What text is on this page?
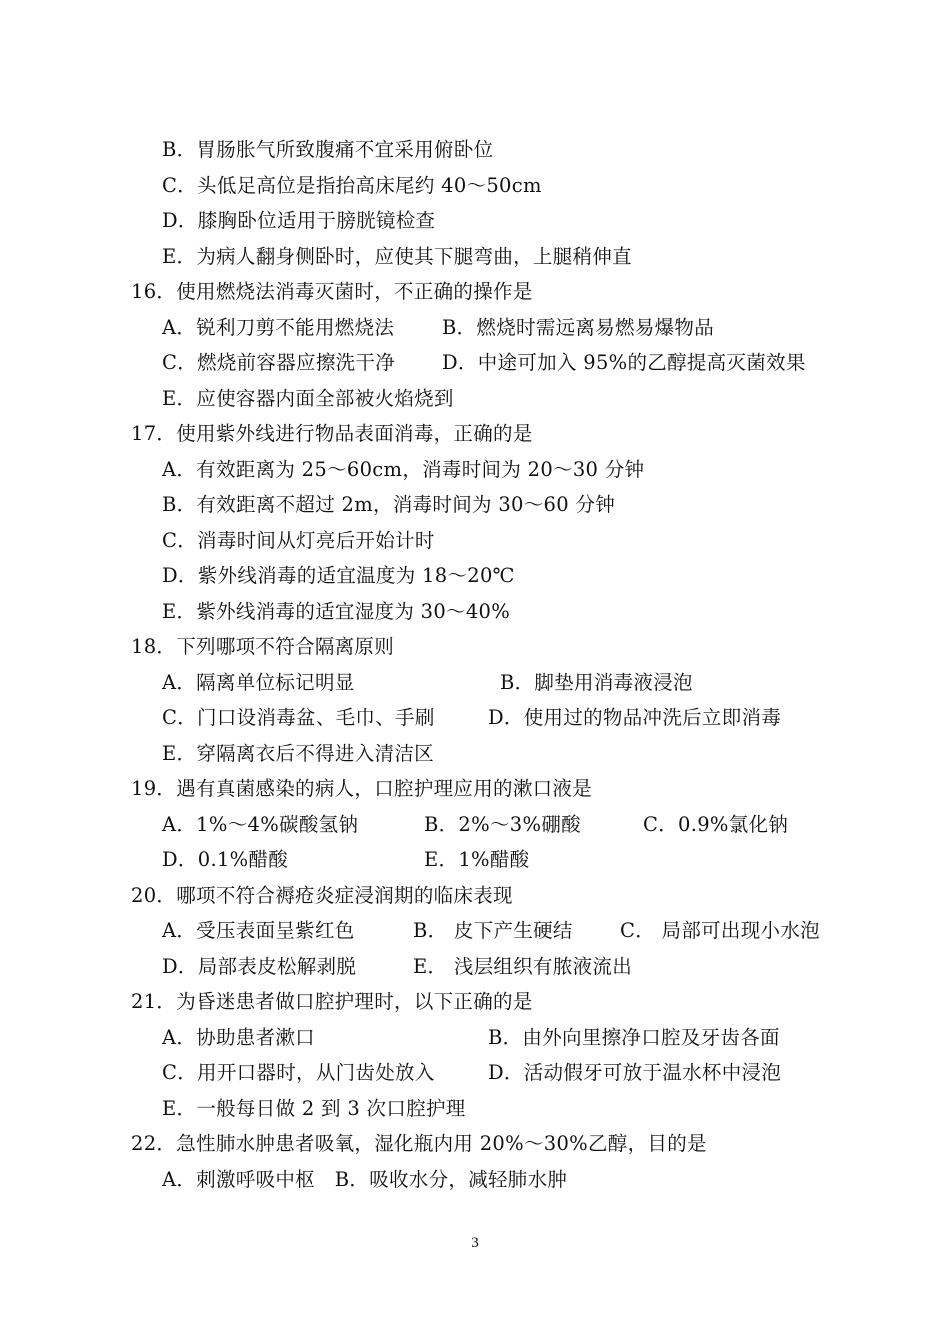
B．胃肠胀气所致腹痛不宜采用俯卧位
C．头低足高位是指抬高床尾约 40～50cm
D．膝胸卧位适用于膀胱镜检查
E．为病人翻身侧卧时，应使其下腿弯曲，上腿稍伸直
16．使用燃烧法消毒灭菌时，不正确的操作是
A．锐利刀剪不能用燃烧法 B．燃烧时需远离易燃易爆物品
C．燃烧前容器应擦洗干净 D．中途可加入 95%的乙醇提高灭菌效果
E．应使容器内面全部被火焰烧到
17．使用紫外线进行物品表面消毒，正确的是
A．有效距离为 25～60cm，消毒时间为 20～30 分钟
B．有效距离不超过 2m，消毒时间为 30～60 分钟
C．消毒时间从灯亮后开始计时
D．紫外线消毒的适宜温度为 18～20℃
E．紫外线消毒的适宜湿度为 30～40%
18．下列哪项不符合隔离原则
A．隔离单位标记明显	B．脚垫用消毒液浸泡
C．门口设消毒盆、毛巾、手刷	D．使用过的物品冲洗后立即消毒
E．穿隔离衣后不得进入清洁区
19．遇有真菌感染的病人，口腔护理应用的漱口液是
A．1%～4%碳酸氢钠	B．2%～3%硼酸	C．0.9%氯化钠
D．0.1%醋酸	E．1%醋酸
20．哪项不符合褥疮炎症浸润期的临床表现
A．受压表面呈紫红色	B． 皮下产生硬结 C． 局部可出现小水泡
D．局部表皮松解剥脱	E． 浅层组织有脓液流出
21．为昏迷患者做口腔护理时，以下正确的是
A．协助患者漱口	B．由外向里擦净口腔及牙齿各面
C．用开口器时，从门齿处放入	D．活动假牙可放于温水杯中浸泡
E．一般每日做 2 到 3 次口腔护理
22．急性肺水肿患者吸氧，湿化瓶内用 20%～30%乙醇，目的是
A．刺激呼吸中枢　B．吸收水分，减轻肺水肿
3
